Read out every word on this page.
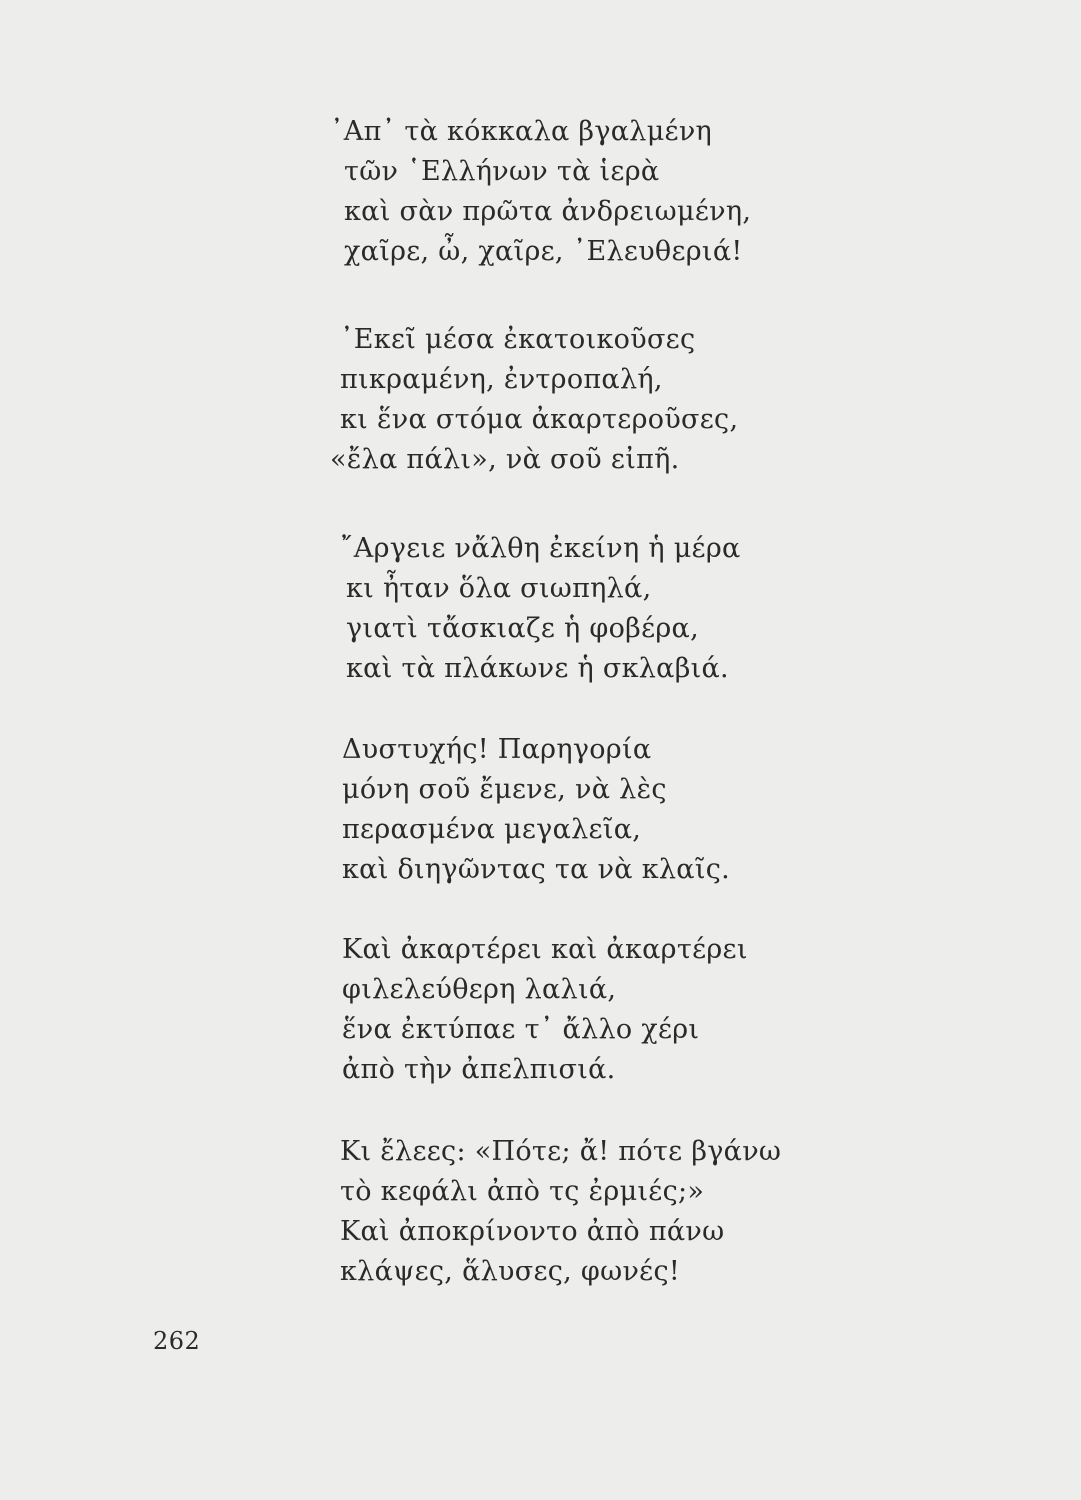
᾿Απ᾿ τὰ κόκκαλα βγαλμένη
τῶν ῾Ελλήνων τὰ ἱερὰ
καὶ σὰν πρῶτα ἀνδρειωμένη,
χαῖρε, ὦ, χαῖρε, ᾿Ελευθεριά!
᾿Εκεῖ μέσα ἐκατοικοῦσες
πικραμένη, ἐντροπαλή,
κι ἕνα στόμα ἀκαρτεροῦσες,
«ἔλα πάλι», νὰ σοῦ εἰπῆ.
῎Αργειε νἄλθη ἐκείνη ἡ μέρα
κι ἦταν ὅλα σιωπηλά,
γιατὶ τἄσκιαζε ἡ φοβέρα,
καὶ τὰ πλάκωνε ἡ σκλαβιά.
Δυστυχής! Παρηγορία
μόνη σοῦ ἔμενε, νὰ λὲς
περασμένα μεγαλεῖα,
καὶ διηγῶντας τα νὰ κλαῖς.
Καὶ ἀκαρτέρει καὶ ἀκαρτέρει
φιλελεύθερη λαλιά,
ἕνα ἐκτύπαε τ᾿ ἄλλο χέρι
ἀπὸ τὴν ἀπελπισιά.
Κι ἔλεες: «Πότε; ἄ! πότε βγάνω
τὸ κεφάλι ἀπὸ τς ἐρμιές;»
Καὶ ἀποκρίνοντο ἀπὸ πάνω
κλάψες, ἅλυσες, φωνές!
262
